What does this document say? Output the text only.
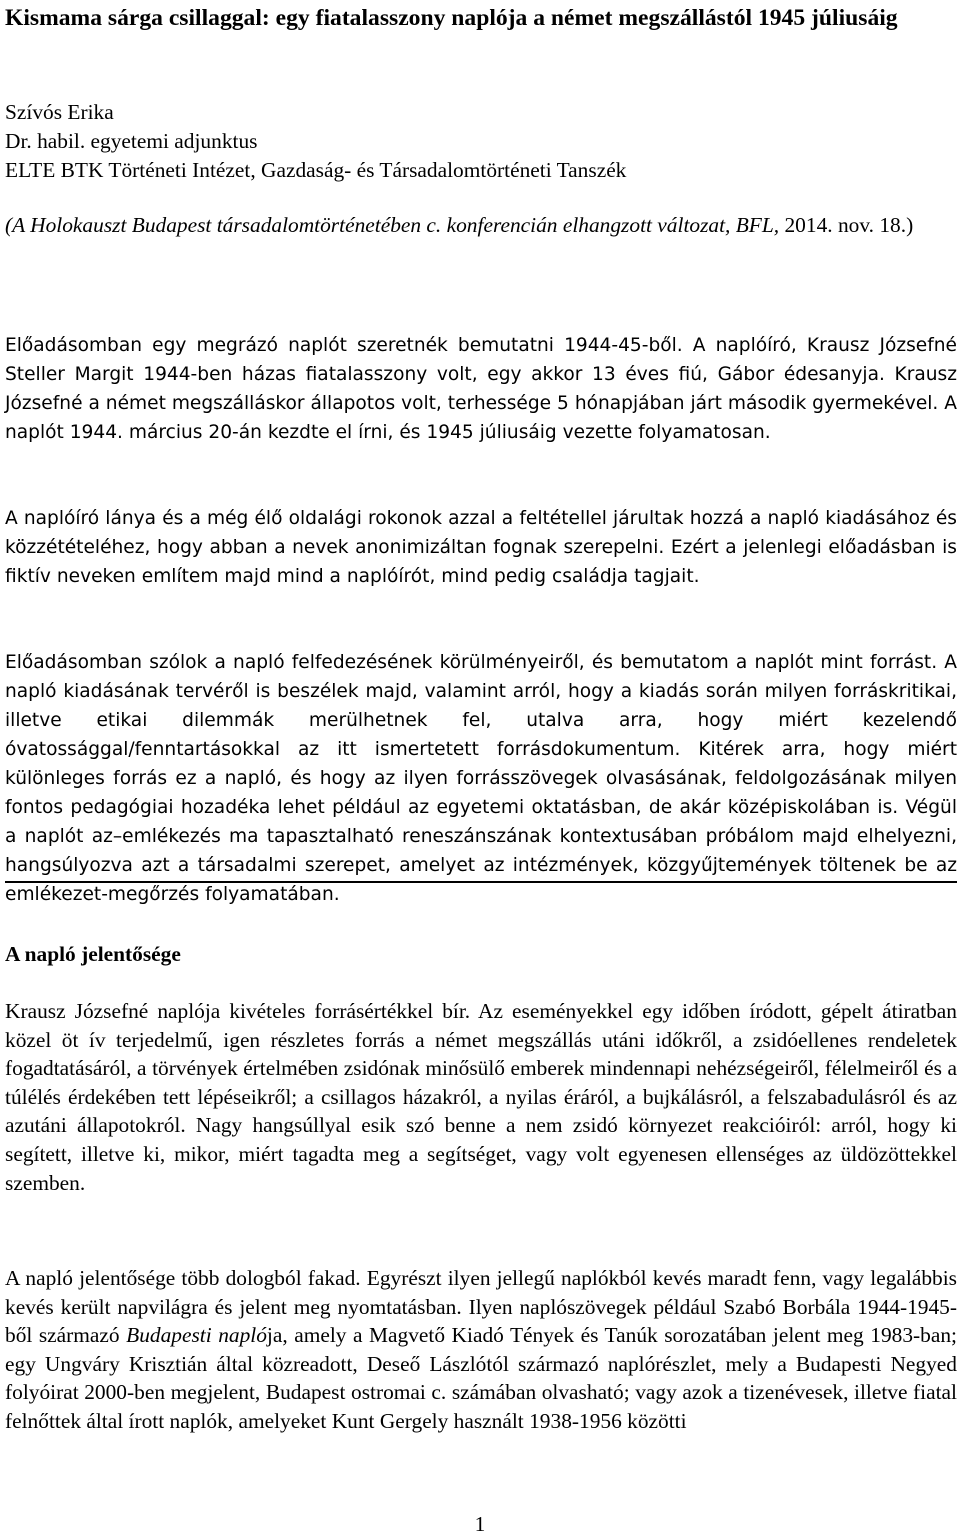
Kismama sárga csillaggal: egy fiatalasszony naplója a német megszállástól 1945 júliusáig
Szívós Erika
Dr. habil. egyetemi adjunktus
ELTE BTK Történeti Intézet, Gazdaság- és Társadalomtörténeti Tanszék

(A Holokauszt Budapest társadalomtörténetében c. konferencián elhangzott változat, BFL, 2014. nov. 18.)

Előadásomban egy megrázó naplót szeretnék bemutatni 1944-45-ből. A naplóíró, Krausz Józsefné Steller Margit 1944-ben házas fiatalasszony volt, egy akkor 13 éves fiú, Gábor édesanyja. Krausz Józsefné a német megszálláskor állapotos volt, terhessége 5 hónapjában járt második gyermekével. A naplót 1944. március 20-án kezdte el írni, és 1945 júliusáig vezette folyamatosan.

A naplóíró lánya és a még élő oldalági rokonok azzal a feltétellel járultak hozzá a napló kiadásához és közzétételéhez, hogy abban a nevek anonimizáltan fognak szerepelni. Ezért a jelenlegi előadásban is fiktív neveken említem majd mind a naplóírót, mind pedig családja tagjait.

Előadásomban szólok a napló felfedezésének körülményeiről, és bemutatom a naplót mint forrást. A napló kiadásának tervéről is beszélek majd, valamint arról, hogy a kiadás során milyen forráskritikai, illetve etikai dilemmák merülhetnek fel, utalva arra, hogy miért kezelendő óvatossággal/fenntartásokkal az itt ismertetett forrásdokumentum. Kitérek arra, hogy miért különleges forrás ez a napló, és hogy az ilyen forrásszövegek olvasásának, feldolgozásának milyen fontos pedagógiai hozadéka lehet például az egyetemi oktatásban, de akár középiskolában is. Végül a naplót az–emlékezés ma tapasztalható reneszánszának kontextusában próbálom majd elhelyezni, hangsúlyozva azt a társadalmi szerepet, amelyet az intézmények, közgyűjtemények töltenek be az emlékezet-megőrzés folyamatában.

A napló jelentősége

Krausz Józsefné naplója kivételes forrásértékkel bír. Az eseményekkel egy időben íródott, gépelt átiratban közel öt ív terjedelmű, igen részletes forrás a német megszállás utáni időkről, a zsidóellenes rendeletek fogadtatásáról, a törvények értelmében zsidónak minősülő emberek mindennapi nehézségeiről, félelmeiről és a túlélés érdekében tett lépéseikről; a csillagos házakról, a nyilas éráról, a bujkálásról, a felszabadulásról és az azutáni állapotokról. Nagy hangsúllyal esik szó benne a nem zsidó környezet reakcióiról: arról, hogy ki segített, illetve ki, mikor, miért tagadta meg a segítséget, vagy volt egyenesen ellenséges az üldözöttekkel szemben.

A napló jelentősége több dologból fakad. Egyrészt ilyen jellegű naplókból kevés maradt fenn, vagy legalábbis kevés került napvilágra és jelent meg nyomtatásban. Ilyen naplószövegek például Szabó Borbála 1944-1945-ből származó Budapesti naplója, amely a Magvető Kiadó Tények és Tanúk sorozatában jelent meg 1983-ban; egy Ungváry Krisztián által közreadott, Deseő Lászlótól származó naplórészlet, mely a Budapesti Negyed folyóirat 2000-ben megjelent, Budapest ostromai c. számában olvasható; vagy azok a tizenévesek, illetve fiatal felnőttek által írott naplók, amelyeket Kunt Gergely használt 1938-1956 közötti

1
